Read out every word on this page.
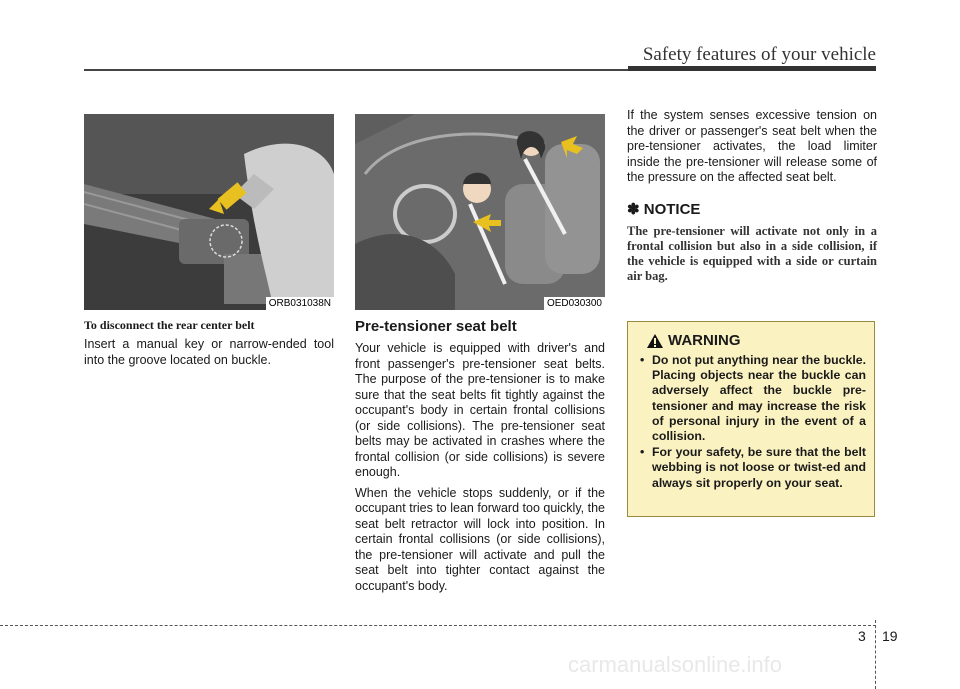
Safety features of your vehicle
ORB031038N
To disconnect the rear center belt

Insert a manual key or narrow-ended tool into the groove located on buckle.

OED030300
Pre-tensioner seat belt

Your vehicle is equipped with driver's and front passenger's pre-tensioner seat belts. The purpose of the pre-tensioner is to make sure that the seat belts fit tightly against the occupant's body in certain frontal collisions (or side collisions). The pre-tensioner seat belts may be activated in crashes where the frontal collision (or side collisions) is severe enough.

When the vehicle stops suddenly, or if the occupant tries to lean forward too quickly, the seat belt retractor will lock into position. In certain frontal collisions (or side collisions), the pre-tensioner will activate and pull the seat belt into tighter contact against the occupant's body.

If the system senses excessive tension on the driver or passenger's seat belt when the pre-tensioner activates, the load limiter inside the pre-tensioner will release some of the pressure on the affected seat belt.

✽ NOTICE
The pre-tensioner will activate not only in a frontal collision but also in a side collision, if the vehicle is equipped with a side or curtain air bag.
WARNING
• Do not put anything near the buckle. Placing objects near the buckle can adversely affect the buckle pre-tensioner and may increase the risk of personal injury in the event of a collision.
• For your safety, be sure that the belt webbing is not loose or twist-ed and always sit properly on your seat.
3 19
carmanualsonline.info
